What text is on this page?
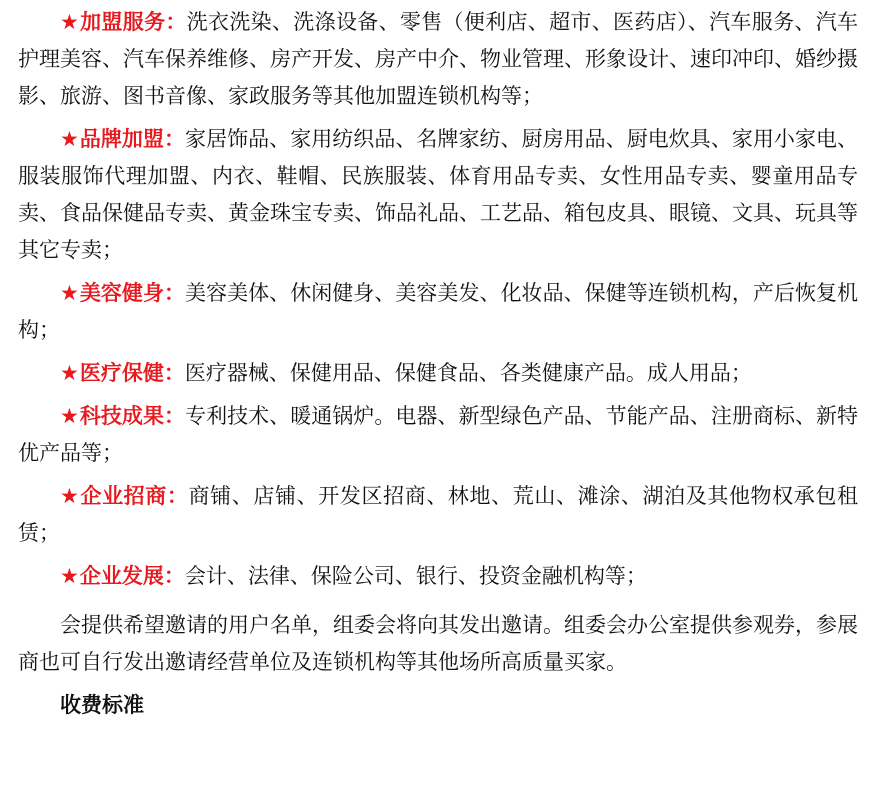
★加盟服务：洗衣洗染、洗涤设备、零售（便利店、超市、医药店）、汽车服务、汽车护理美容、汽车保养维修、房产开发、房产中介、物业管理、形象设计、速印冲印、婚纱摄影、旅游、图书音像、家政服务等其他加盟连锁机构等；

★品牌加盟：家居饰品、家用纺织品、名牌家纺、厨房用品、厨电炊具、家用小家电、服装服饰代理加盟、内衣、鞋帽、民族服装、体育用品专卖、女性用品专卖、婴童用品专卖、食品保健品专卖、黄金珠宝专卖、饰品礼品、工艺品、箱包皮具、眼镜、文具、玩具等其它专卖；

★美容健身：美容美体、休闲健身、美容美发、化妆品、保健等连锁机构，产后恢复机构；

★医疗保健：医疗器械、保健用品、保健食品、各类健康产品。成人用品；

★科技成果：专利技术、暖通锅炉。电器、新型绿色产品、节能产品、注册商标、新特优产品等；

★企业招商：商铺、店铺、开发区招商、林地、荒山、滩涂、湖泊及其他物权承包租赁；

★企业发展：会计、法律、保险公司、银行、投资金融机构等；

会提供希望邀请的用户名单，组委会将向其发出邀请。组委会办公室提供参观券，参展商也可自行发出邀请经营单位及连锁机构等其他场所高质量买家。

收费标准
